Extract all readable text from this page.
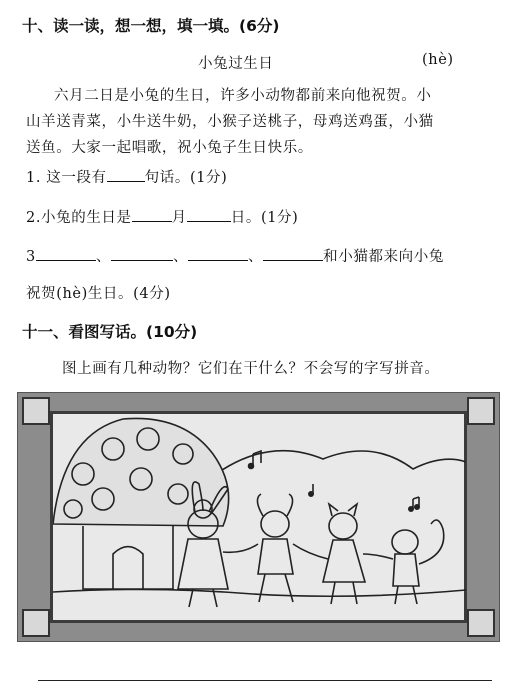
十、读一读，想一想，填一填。(6分)
小兔过生日	(hè)
六月二日是小兔的生日，许多小动物都前来向他祝贺。小
山羊送青菜，小牛送牛奶，小猴子送桃子，母鸡送鸡蛋，小猫
送鱼。大家一起唱歌，祝小兔子生日快乐。
1. 这一段有	句话。(1分)
2.小兔的生日是	月	日。(1分)
3	、	、	、	和小猫都来向小兔
祝贺(hè)生日。(4分)
十一、看图写话。(10分)
图上画有几种动物？它们在干什么？不会写的字写拼音。
